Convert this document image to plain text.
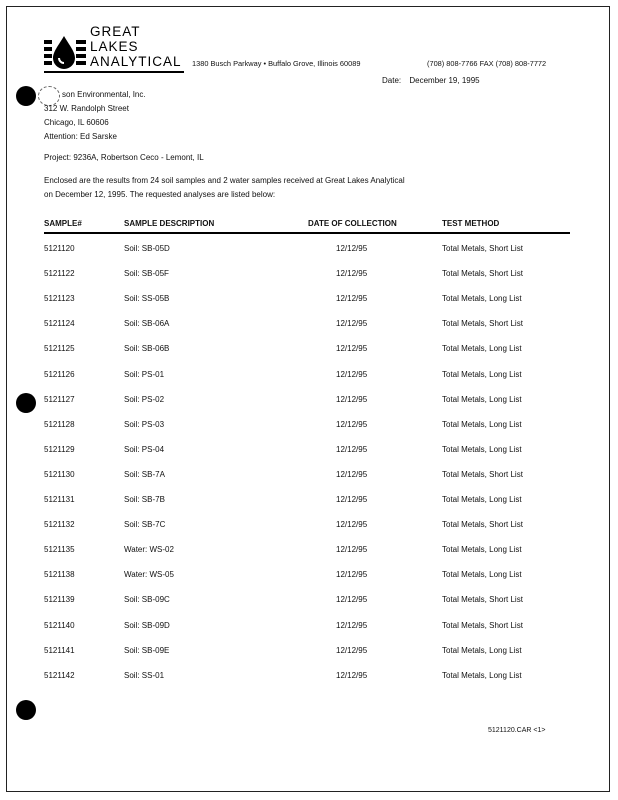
GREAT
LAKES
ANALYTICAL 1380 Busch Parkway • Buffalo Grove, Illinois 60089	(708) 808-7766 FAX (708) 808-7772
Date: December 19, 1995
son Environmental, Inc.
312 W. Randolph Street
Chicago, IL 60606
Attention: Ed Sarske
Project: 9236A, Robertson Ceco - Lemont, IL
Enclosed are the results from 24 soil samples and 2 water samples received at Great Lakes Analytical
on December 12, 1995. The requested analyses are listed below:
SAMPLE#	SAMPLE DESCRIPTION	DATE OF COLLECTION	TEST METHOD
5121120	Soil: SB-05D	12/12/95	Total Metals, Short List
5121122	Soil: SB-05F	12/12/95	Total Metals, Short List
5121123	Soil: SS-05B	12/12/95	Total Metals, Long List
5121124	Soil: SB-06A	12/12/95	Total Metals, Short List
5121125	Soil: SB-06B	12/12/95	Total Metals, Long List
5121126	Soil: PS-01	12/12/95	Total Metals, Long List
5121127	Soil: PS-02	12/12/95	Total Metals, Long List
5121128	Soil: PS-03	12/12/95	Total Metals, Long List
5121129	Soil: PS-04	12/12/95	Total Metals, Long List
5121130	Soil: SB-7A	12/12/95	Total Metals, Short List
5121131	Soil: SB-7B	12/12/95	Total Metals, Long List
5121132	Soil: SB-7C	12/12/95	Total Metals, Short List
5121135	Water: WS-02	12/12/95	Total Metals, Long List
5121138	Water: WS-05	12/12/95	Total Metals, Long List
5121139	Soil: SB-09C	12/12/95	Total Metals, Short List
5121140	Soil: SB-09D	12/12/95	Total Metals, Short List
5121141	Soil: SB-09E	12/12/95	Total Metals, Long List
5121142	Soil: SS-01	12/12/95	Total Metals, Long List
5121120.CAR <1>
